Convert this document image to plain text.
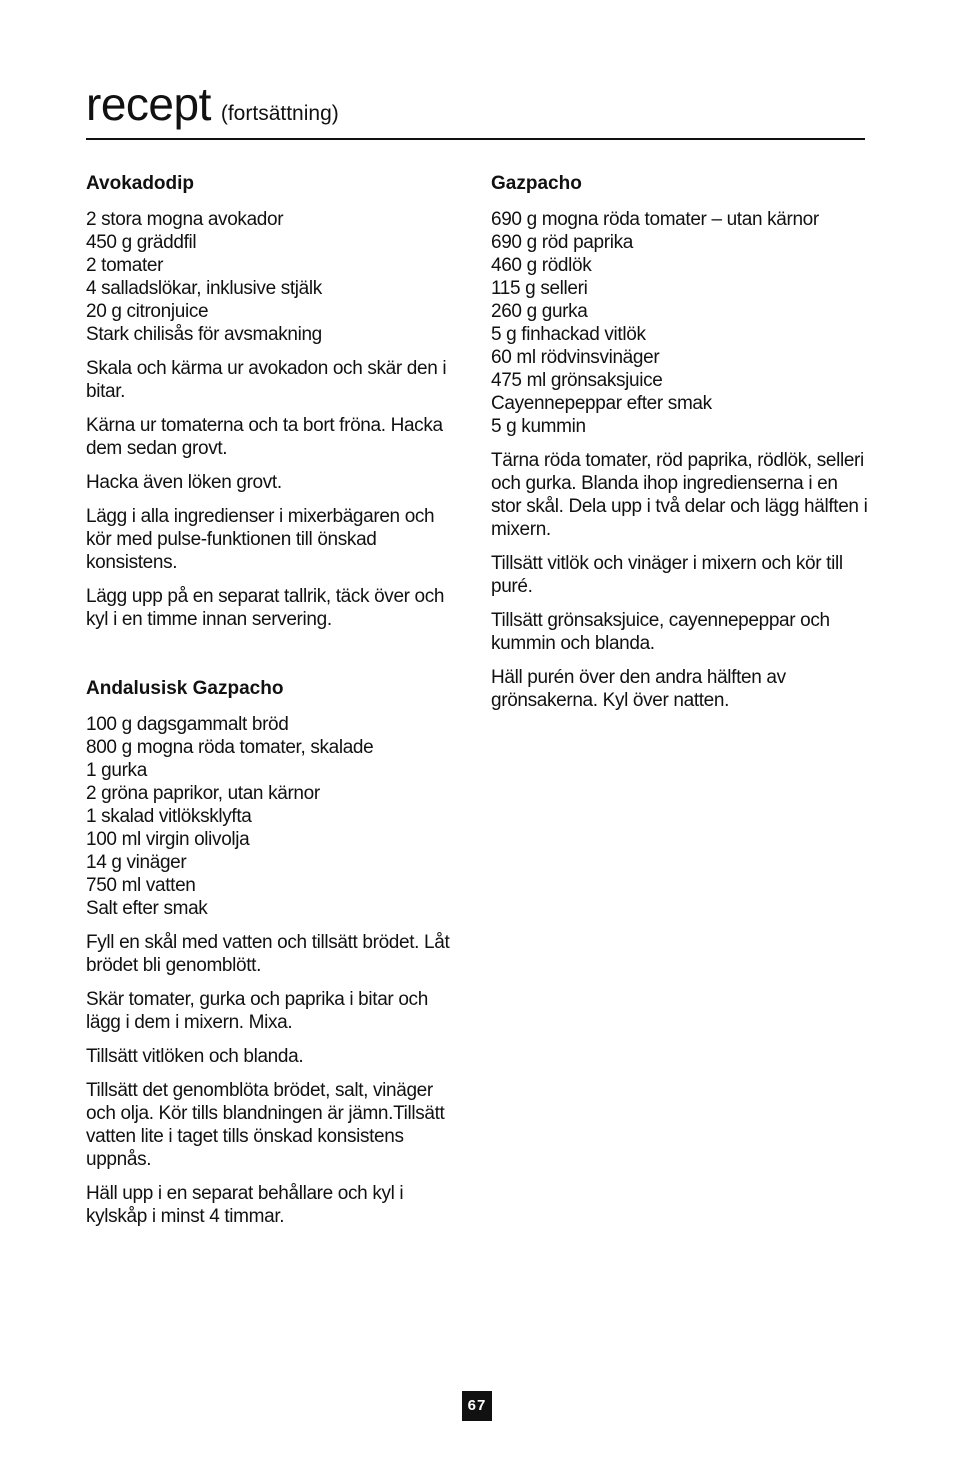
recept (fortsättning)
Avokadodip
2 stora mogna avokador
450 g gräddfil
2 tomater
4 salladslökar, inklusive stjälk
20 g citronjuice
Stark chilisås för avsmakning

Skala och kärma ur avokadon och skär den i bitar.

Kärna ur tomaterna och ta bort fröna. Hacka dem sedan grovt.

Hacka även löken grovt.

Lägg i alla ingredienser i mixerbägaren och kör med pulse-funktionen till önskad konsistens.

Lägg upp på en separat tallrik, täck över och kyl i en timme innan servering.

Andalusisk Gazpacho
100 g dagsgammalt bröd
800 g mogna röda tomater, skalade
1 gurka
2 gröna paprikor, utan kärnor
1 skalad vitlöksklyfta
100 ml virgin olivolja
14 g vinäger
750 ml vatten
Salt efter smak

Fyll en skål med vatten och tillsätt brödet. Låt brödet bli genomblött.

Skär tomater, gurka och paprika i bitar och lägg i dem i mixern. Mixa.

Tillsätt vitlöken och blanda.

Tillsätt det genomblöta brödet, salt, vinäger och olja. Kör tills blandningen är jämn.Tillsätt vatten lite i taget tills önskad konsistens uppnås.

Häll upp i en separat behållare och kyl i kylskåp i minst 4 timmar.

Gazpacho
690 g mogna röda tomater – utan kärnor
690 g röd paprika
460 g rödlök
115 g selleri
260 g gurka
5 g finhackad vitlök
60 ml rödvinsvinäger
475 ml grönsaksjuice
Cayennepeppar efter smak
5 g kummin

Tärna röda tomater, röd paprika, rödlök, selleri och gurka. Blanda ihop ingredienserna i en stor skål. Dela upp i två delar och lägg hälften i mixern.

Tillsätt vitlök och vinäger i mixern och kör till puré.

Tillsätt grönsaksjuice, cayennepeppar och kummin och blanda.

Häll purén över den andra hälften av grönsakerna. Kyl över natten.

67
